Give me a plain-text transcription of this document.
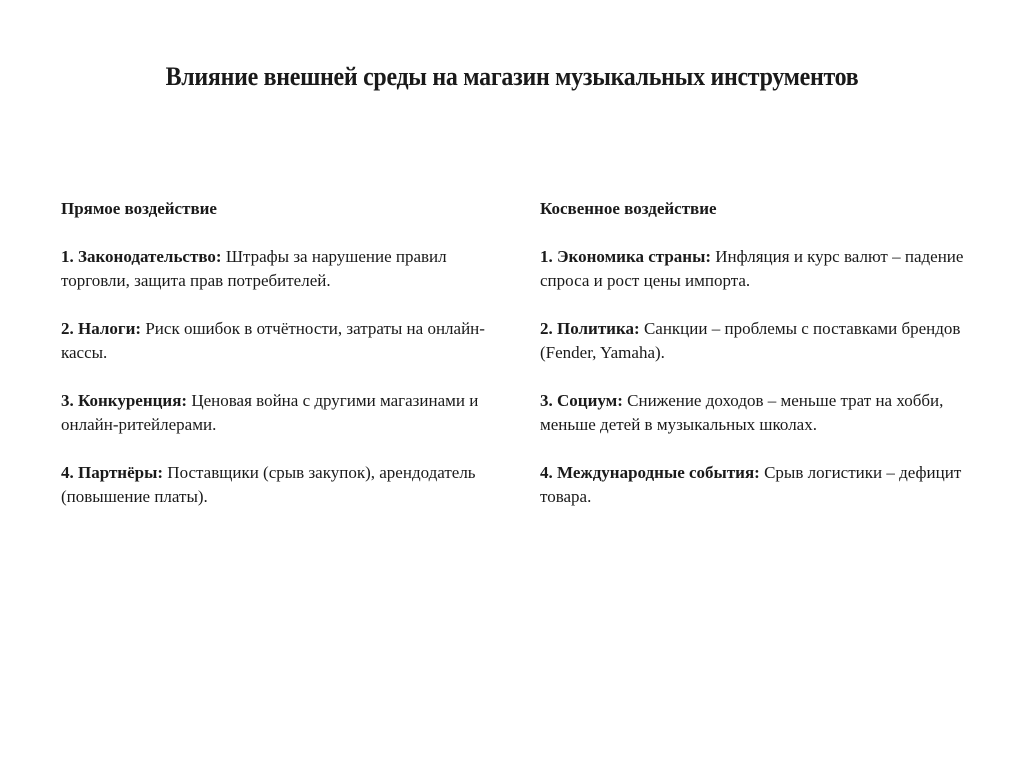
Влияние внешней среды на магазин музыкальных инструментов
Прямое воздействие
1. Законодательство: Штрафы за нарушение правил торговли, защита прав потребителей.
2. Налоги: Риск ошибок в отчётности, затраты на онлайн-кассы.
3. Конкуренция: Ценовая война с другими магазинами и онлайн-ритейлерами.
4. Партнёры: Поставщики (срыв закупок), арендодатель (повышение платы).
Косвенное воздействие
1. Экономика страны: Инфляция и курс валют – падение спроса и рост цены импорта.
2. Политика: Санкции – проблемы с поставками брендов (Fender, Yamaha).
3. Социум: Снижение доходов – меньше трат на хобби, меньше детей в музыкальных школах.
4. Международные события: Срыв логистики – дефицит товара.
